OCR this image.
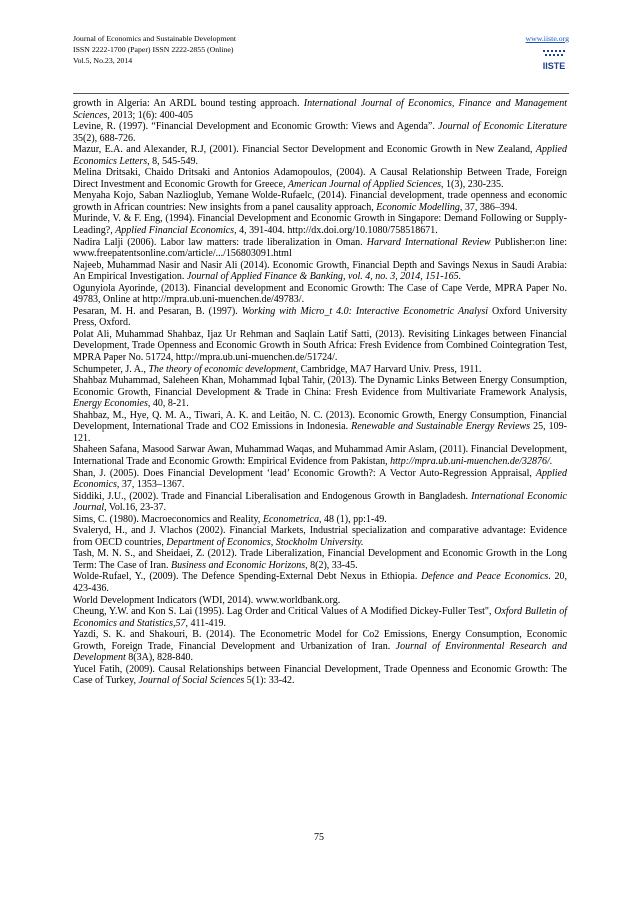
Journal of Economics and Sustainable Development
ISSN 2222-1700 (Paper) ISSN 2222-2855 (Online)
Vol.5, No.23, 2014
www.iiste.org
IISTE

growth in Algeria: An ARDL bound testing approach. International Journal of Economics, Finance and Management Sciences, 2013; 1(6): 400-405

Levine, R. (1997). “Financial Development and Economic Growth: Views and Agenda”. Journal of Economic Literature 35(2), 688-726.

Mazur, E.A. and Alexander, R.J, (2001). Financial Sector Development and Economic Growth in New Zealand, Applied Economics Letters, 8, 545-549.

Melina Dritsaki, Chaido Dritsaki and Antonios Adamopoulos, (2004). A Causal Relationship Between Trade, Foreign Direct Investment and Economic Growth for Greece, American Journal of Applied Sciences, 1(3), 230-235.

Menyaha Kojo, Saban Nazlioglub, Yemane Wolde-Rufaelc, (2014). Financial development, trade openness and economic growth in African countries: New insights from a panel causality approach, Economic Modelling, 37, 386–394.

Murinde, V. & F. Eng, (1994). Financial Development and Economic Growth in Singapore: Demand Following or Supply-Leading?, Applied Financial Economics, 4, 391-404. http://dx.doi.org/10.1080/758518671.

Nadira Lalji (2006). Labor law matters: trade liberalization in Oman. Harvard International Review Publisher:on line: www.freepatentsonline.com/article/.../156803091.html

Najeeb, Muhammad Nasir and Nasir Ali (2014). Economic Growth, Financial Depth and Savings Nexus in Saudi Arabia: An Empirical Investigation. Journal of Applied Finance & Banking, vol. 4, no. 3, 2014, 151-165.

Ogunyiola Ayorinde, (2013). Financial development and Economic Growth: The Case of Cape Verde, MPRA Paper No. 49783, Online at http://mpra.ub.uni-muenchen.de/49783/.

Pesaran, M. H. and Pesaran, B. (1997). Working with Micro_t 4.0: Interactive Econometric Analysi Oxford University Press, Oxford.

Polat Ali, Muhammad Shahbaz, Ijaz Ur Rehman and Saqlain Latif Satti, (2013). Revisiting Linkages between Financial Development, Trade Openness and Economic Growth in South Africa: Fresh Evidence from Combined Cointegration Test, MPRA Paper No. 51724, http://mpra.ub.uni-muenchen.de/51724/.

Schumpeter, J. A., The theory of economic development, Cambridge, MA7 Harvard Univ. Press, 1911.

Shahbaz Muhammad, Saleheen Khan, Mohammad Iqbal Tahir, (2013). The Dynamic Links Between Energy Consumption, Economic Growth, Financial Development & Trade in China: Fresh Evidence from Multivariate Framework Analysis, Energy Economies, 40, 8-21.

Shahbaz, M., Hye, Q. M. A., Tiwari, A. K. and Leitão, N. C. (2013). Economic Growth, Energy Consumption, Financial Development, International Trade and CO2 Emissions in Indonesia. Renewable and Sustainable Energy Reviews 25, 109-121.

Shaheen Safana, Masood Sarwar Awan, Muhammad Waqas, and Muhammad Amir Aslam, (2011). Financial Development, International Trade and Economic Growth: Empirical Evidence from Pakistan, http://mpra.ub.uni-muenchen.de/32876/.

Shan, J. (2005). Does Financial Development ‘lead’ Economic Growth?: A Vector Auto-Regression Appraisal, Applied Economics, 37, 1353–1367.

Siddiki, J.U., (2002). Trade and Financial Liberalisation and Endogenous Growth in Bangladesh. International Economic Journal, Vol.16, 23-37.

Sims, C. (1980). Macroeconomics and Reality, Econometrica, 48 (1), pp:1-49.

Svaleryd, H., and J. Vlachos (2002). Financial Markets, Industrial specialization and comparative advantage: Evidence from OECD countries, Department of Economics, Stockholm University.

Tash, M. N. S., and Sheidaei, Z. (2012). Trade Liberalization, Financial Development and Economic Growth in the Long Term: The Case of Iran. Business and Economic Horizons, 8(2), 33-45.

Wolde-Rufael, Y., (2009). The Defence Spending-External Debt Nexus in Ethiopia. Defence and Peace Economics. 20, 423-436.

World Development Indicators (WDI, 2014). www.worldbank.org.

Cheung, Y.W. and Kon S. Lai (1995). Lag Order and Critical Values of A Modified Dickey-Fuller Test", Oxford Bulletin of Economics and Statistics,57, 411-419.

Yazdi, S. K. and Shakouri, B. (2014). The Econometric Model for Co2 Emissions, Energy Consumption, Economic Growth, Foreign Trade, Financial Development and Urbanization of Iran. Journal of Environmental Research and Development 8(3A), 828-840.

Yucel Fatih, (2009). Causal Relationships between Financial Development, Trade Openness and Economic Growth: The Case of Turkey, Journal of Social Sciences 5(1): 33-42.

75
